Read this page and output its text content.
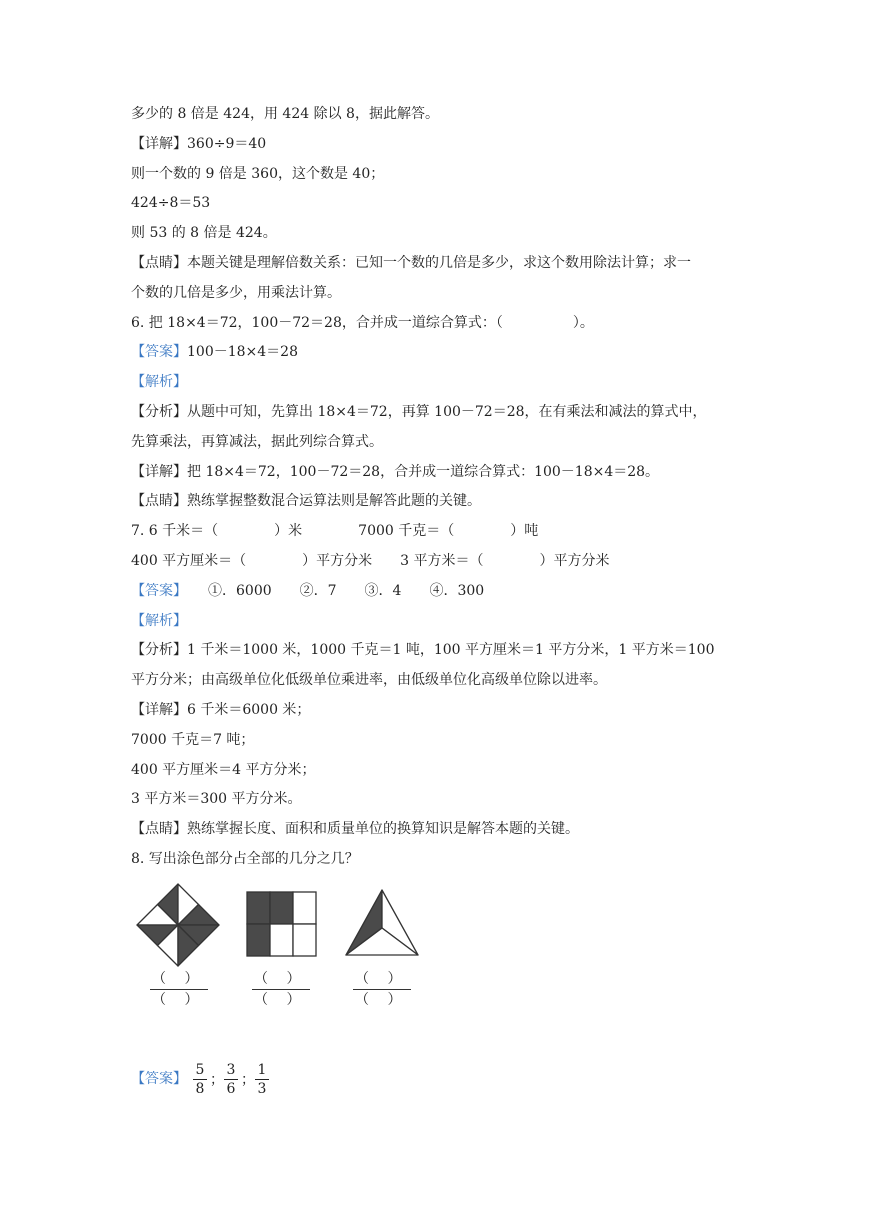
多少的 8 倍是 424，用 424 除以 8，据此解答。
【详解】360÷9＝40
则一个数的 9 倍是 360，这个数是 40；
424÷8＝53
则 53 的 8 倍是 424。
【点睛】本题关键是理解倍数关系：已知一个数的几倍是多少，求这个数用除法计算；求一
个数的几倍是多少，用乘法计算。
6. 把 18×4＝72，100－72＝28，合并成一道综合算式：（　　　　　）。
【答案】100－18×4＝28
【解析】
【分析】从题中可知，先算出 18×4＝72，再算 100－72＝28，在有乘法和减法的算式中，
先算乘法，再算减法，据此列综合算式。
【详解】把 18×4＝72，100－72＝28，合并成一道综合算式：100－18×4＝28。
【点睛】熟练掌握整数混合运算法则是解答此题的关键。
7. 6 千米＝（　　　　）米　　　　7000 千克＝（　　　　）吨
400 平方厘米＝（　　　　）平方分米　　3 平方米＝（　　　　）平方分米
【答案】　　①．6000　　②．7　　③．4　　④．300
【解析】
【分析】1 千米＝1000 米，1000 千克＝1 吨，100 平方厘米＝1 平方分米，1 平方米＝100
平方分米；由高级单位化低级单位乘进率，由低级单位化高级单位除以进率。
【详解】6 千米＝6000 米；
7000 千克＝7 吨；
400 平方厘米＝4 平方分米；
3 平方米＝300 平方分米。
【点睛】熟练掌握长度、面积和质量单位的换算知识是解答本题的关键。
8. 写出涂色部分占全部的几分之几？
（　 ）
（　 ）
（　 ）
（　 ）
（　 ）
（　 ）
【答案】
5
8
；
3
6
；
1
3
